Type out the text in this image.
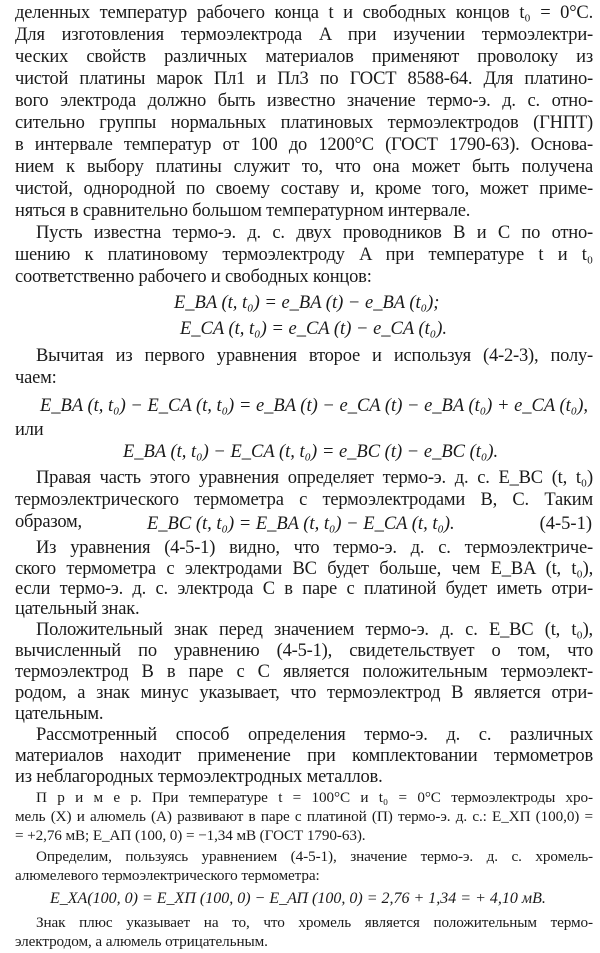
деленных температур рабочего конца t и свободных концов t₀ = 0°С.
Для изготовления термоэлектрода A при изучении термоэлектри-
ческих свойств различных материалов применяют проволоку из
чистой платины марок Пл1 и Пл3 по ГОСТ 8588-64. Для платино-
вого электрода должно быть известно значение термо-э. д. с. отно-
сительно группы нормальных платиновых термоэлектродов (ГНПТ)
в интервале температур от 100 до 1200°С (ГОСТ 1790-63). Основа-
нием к выбору платины служит то, что она может быть получена
чистой, однородной по своему составу и, кроме того, может приме-
няться в сравнительно большом температурном интервале.
Пусть известна термо-э. д. с. двух проводников B и C по отно-
шению к платиновому термоэлектроду A при температуре t и t₀
соответственно рабочего и свободных концов:
E_BA (t, t₀) = e_BA (t) − e_BA (t₀);
E_CA (t, t₀) = e_CA (t) − e_CA (t₀).
Вычитая из первого уравнения второе и используя (4-2-3), полу-
чаем:
E_BA (t, t₀) − E_CA (t, t₀) = e_BA (t) − e_CA (t) − e_BA (t₀) + e_CA (t₀),
или
E_BA (t, t₀) − E_CA (t, t₀) = e_BC (t) − e_BC (t₀).
Правая часть этого уравнения определяет термо-э. д. с. E_BC (t, t₀)
термоэлектрического термометра с термоэлектродами B, C. Таким
образом,	E_BC (t, t₀) = E_BA (t, t₀) − E_CA (t, t₀).	(4-5-1)
Из уравнения (4-5-1) видно, что термо-э. д. с. термоэлектриче-
ского термометра с электродами BC будет больше, чем E_BA (t, t₀),
если термо-э. д. с. электрода C в паре с платиной будет иметь отри-
цательный знак.
Положительный знак перед значением термо-э. д. с. E_BC (t, t₀),
вычисленный по уравнению (4-5-1), свидетельствует о том, что
термоэлектрод B в паре с C является положительным термоэлект-
родом, а знак минус указывает, что термоэлектрод B является отри-
цательным.
Рассмотренный способ определения термо-э. д. с. различных
материалов находит применение при комплектовании термометров
из неблагородных термоэлектродных металлов.
П р и м е р. При температуре t = 100°С и t₀ = 0°С термоэлектроды хро-
мель (X) и алюмель (А) развивают в паре с платиной (П) термо-э. д. с.: E_XП (100,0) =
= +2,76 мВ; E_АП (100, 0) = −1,34 мВ (ГОСТ 1790-63).
Определим, пользуясь уравнением (4-5-1), значение термо-э. д. с. хромель-
алюмелевого термоэлектрического термометра:
E_XA(100, 0) = E_XП (100, 0) − E_АП (100, 0) = 2,76 + 1,34 = + 4,10 мВ.
Знак плюс указывает на то, что хромель является положительным термо-
электродом, а алюмель отрицательным.
